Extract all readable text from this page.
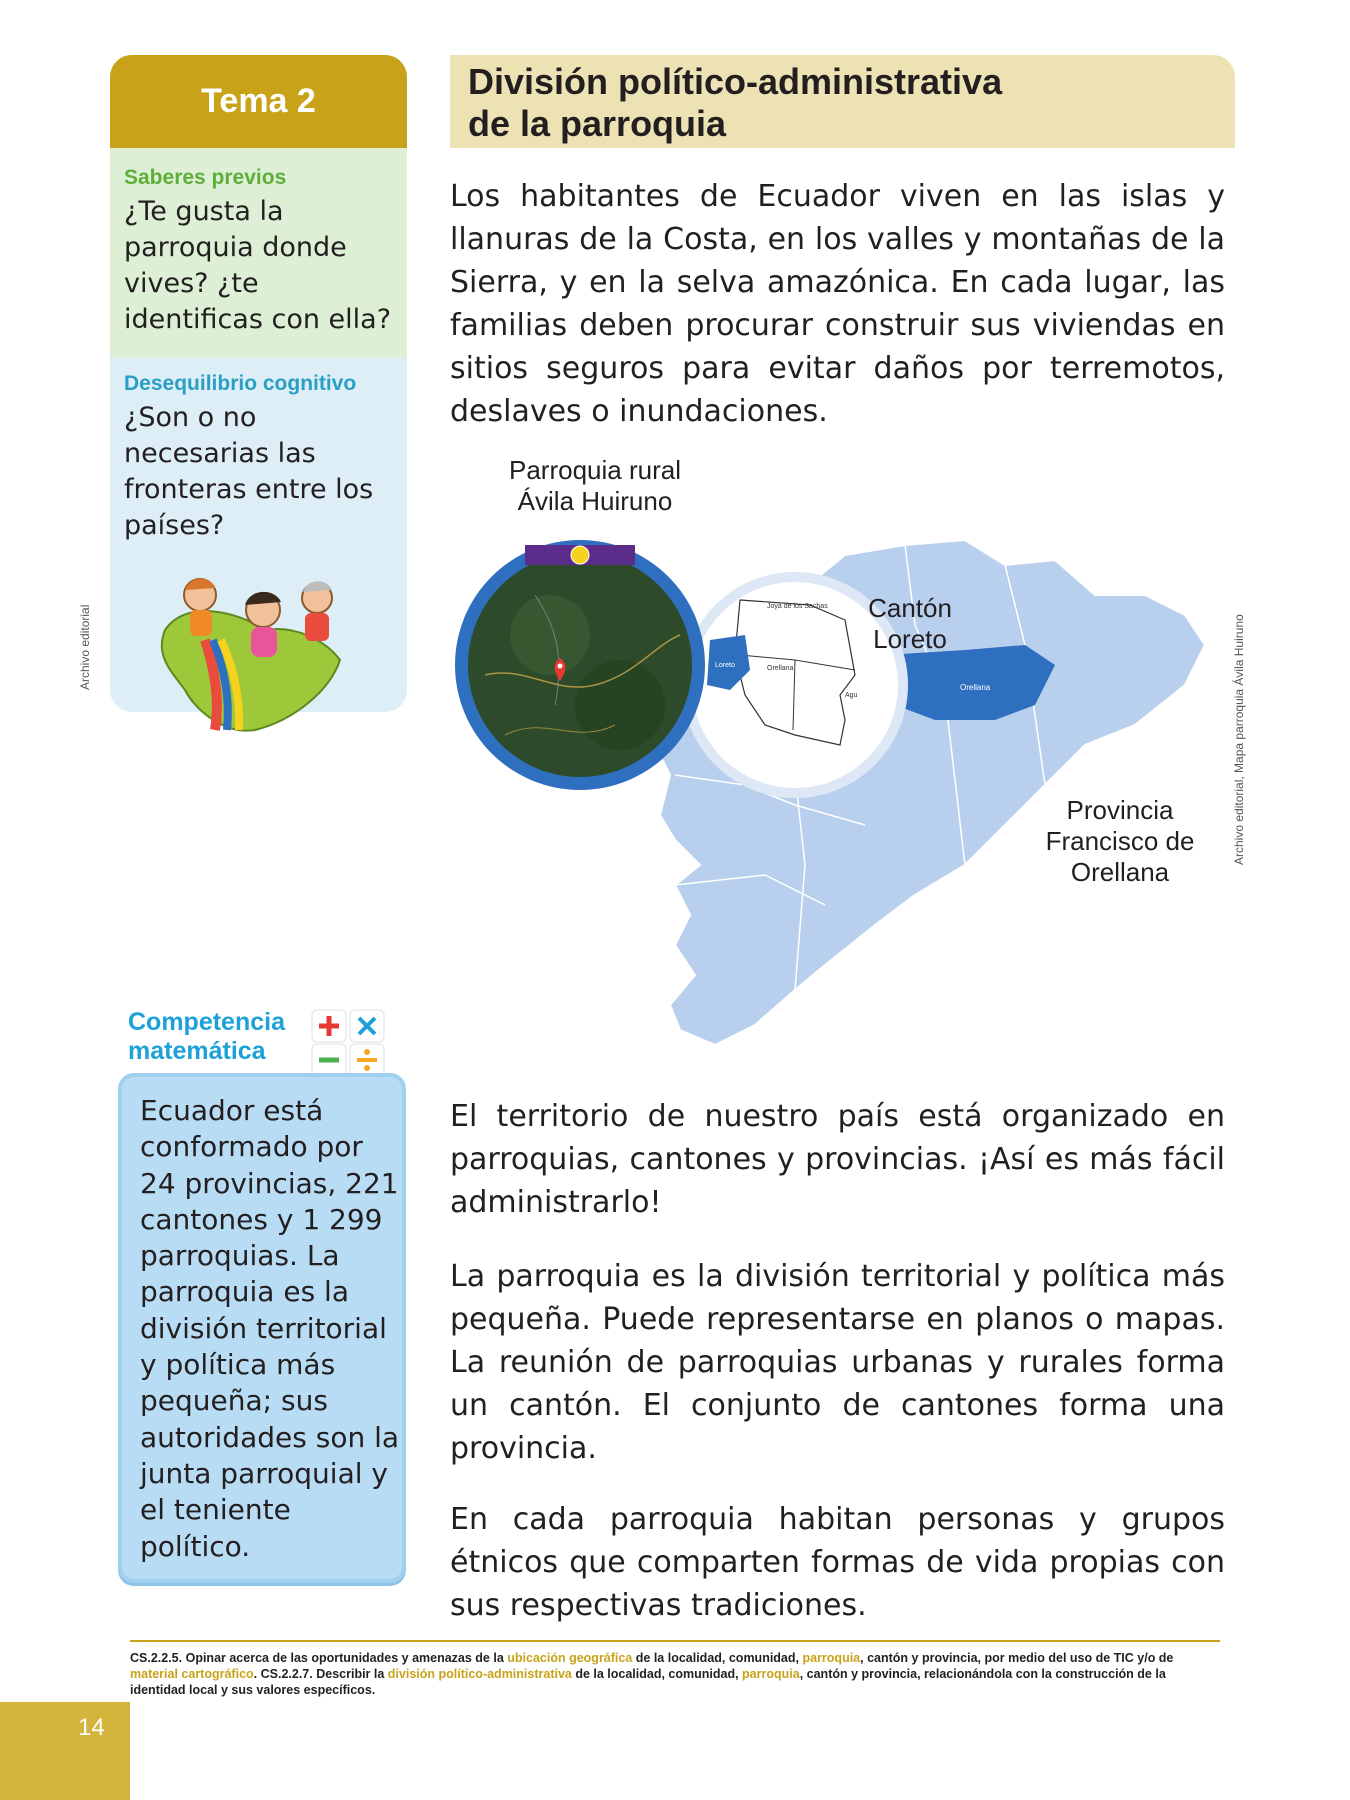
Tema 2
Saberes previos

¿Te gusta la parroquia donde vives? ¿te identificas con ella?

Desequilibrio cognitivo

¿Son o no necesarias las fronteras entre los países?

Archivo editorial
División político-administrativa
de la parroquia

Los habitantes de Ecuador viven en las islas y llanuras de la Costa, en los valles y montañas de la Sierra, y en la selva amazónica. En cada lugar, las familias deben procurar construir sus viviendas en sitios seguros para evitar daños por terremotos, deslaves o inundaciones.

Orellana
Loreto
Joya de los Sachas
Orellana
Agu
Parroquia rural Ávila Huiruno
Cantón Loreto
Provincia Francisco de Orellana
Archivo editorial, Mapa parroquia Ávila Huiruno
Competencia
matemática

Ecuador está conformado por 24 provincias, 221 cantones y 1 299 parroquias. La parroquia es la división territorial y política más pequeña; sus autoridades son la junta parroquial y el teniente político.

El territorio de nuestro país está organizado en parroquias, cantones y provincias. ¡Así es más fácil administrarlo!

La parroquia es la división territorial y política más pequeña. Puede representarse en planos o mapas. La reunión de parroquias urbanas y rurales forma un cantón. El conjunto de cantones forma una provincia.

En cada parroquia habitan personas y grupos étnicos que comparten formas de vida propias con sus respectivas tradiciones.

CS.2.2.5. Opinar acerca de las oportunidades y amenazas de la ubicación geográfica de la localidad, comunidad, parroquia, cantón y provincia, por medio del uso de TIC y/o de material cartográfico. CS.2.2.7. Describir la división político-administrativa de la localidad, comunidad, parroquia, cantón y provincia, relacionándola con la construcción de la identidad local y sus valores específicos.
14
